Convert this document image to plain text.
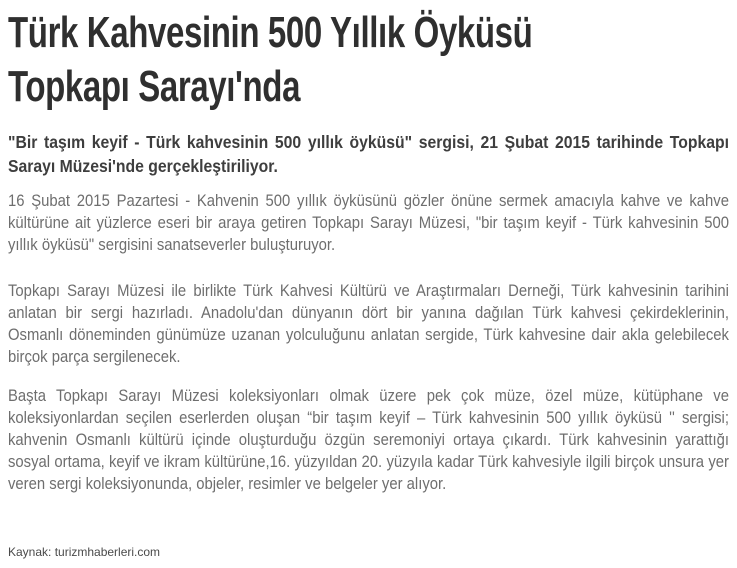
Türk Kahvesinin 500 Yıllık Öyküsü
Topkapı Sarayı'nda

"Bir taşım keyif - Türk kahvesinin 500 yıllık öyküsü" sergisi, 21 Şubat 2015 tarihinde Topkapı Sarayı Müzesi'nde gerçekleştiriliyor.

16 Şubat 2015 Pazartesi - Kahvenin 500 yıllık öyküsünü gözler önüne sermek amacıyla kahve ve kahve kültürüne ait yüzlerce eseri bir araya getiren Topkapı Sarayı Müzesi, "bir taşım keyif - Türk kahvesinin 500 yıllık öyküsü" sergisini sanatseverler buluşturuyor.

Topkapı Sarayı Müzesi ile birlikte Türk Kahvesi Kültürü ve Araştırmaları Derneği, Türk kahvesinin tarihini anlatan bir sergi hazırladı. Anadolu'dan dünyanın dört bir yanına dağılan Türk kahvesi çekirdeklerinin, Osmanlı döneminden günümüze uzanan yolculuğunu anlatan sergide, Türk kahvesine dair akla gelebilecek birçok parça sergilenecek.

Başta Topkapı Sarayı Müzesi koleksiyonları olmak üzere pek çok müze, özel müze, kütüphane ve koleksiyonlardan seçilen eserlerden oluşan “bir taşım keyif – Türk kahvesinin 500 yıllık öyküsü '' sergisi; kahvenin Osmanlı kültürü içinde oluşturduğu özgün seremoniyi ortaya çıkardı. Türk kahvesinin yarattığı sosyal ortama, keyif ve ikram kültürüne,16. yüzyıldan 20. yüzyıla kadar Türk kahvesiyle ilgili birçok unsura yer veren sergi koleksiyonunda, objeler, resimler ve belgeler yer alıyor.

Kaynak: turizmhaberleri.com
